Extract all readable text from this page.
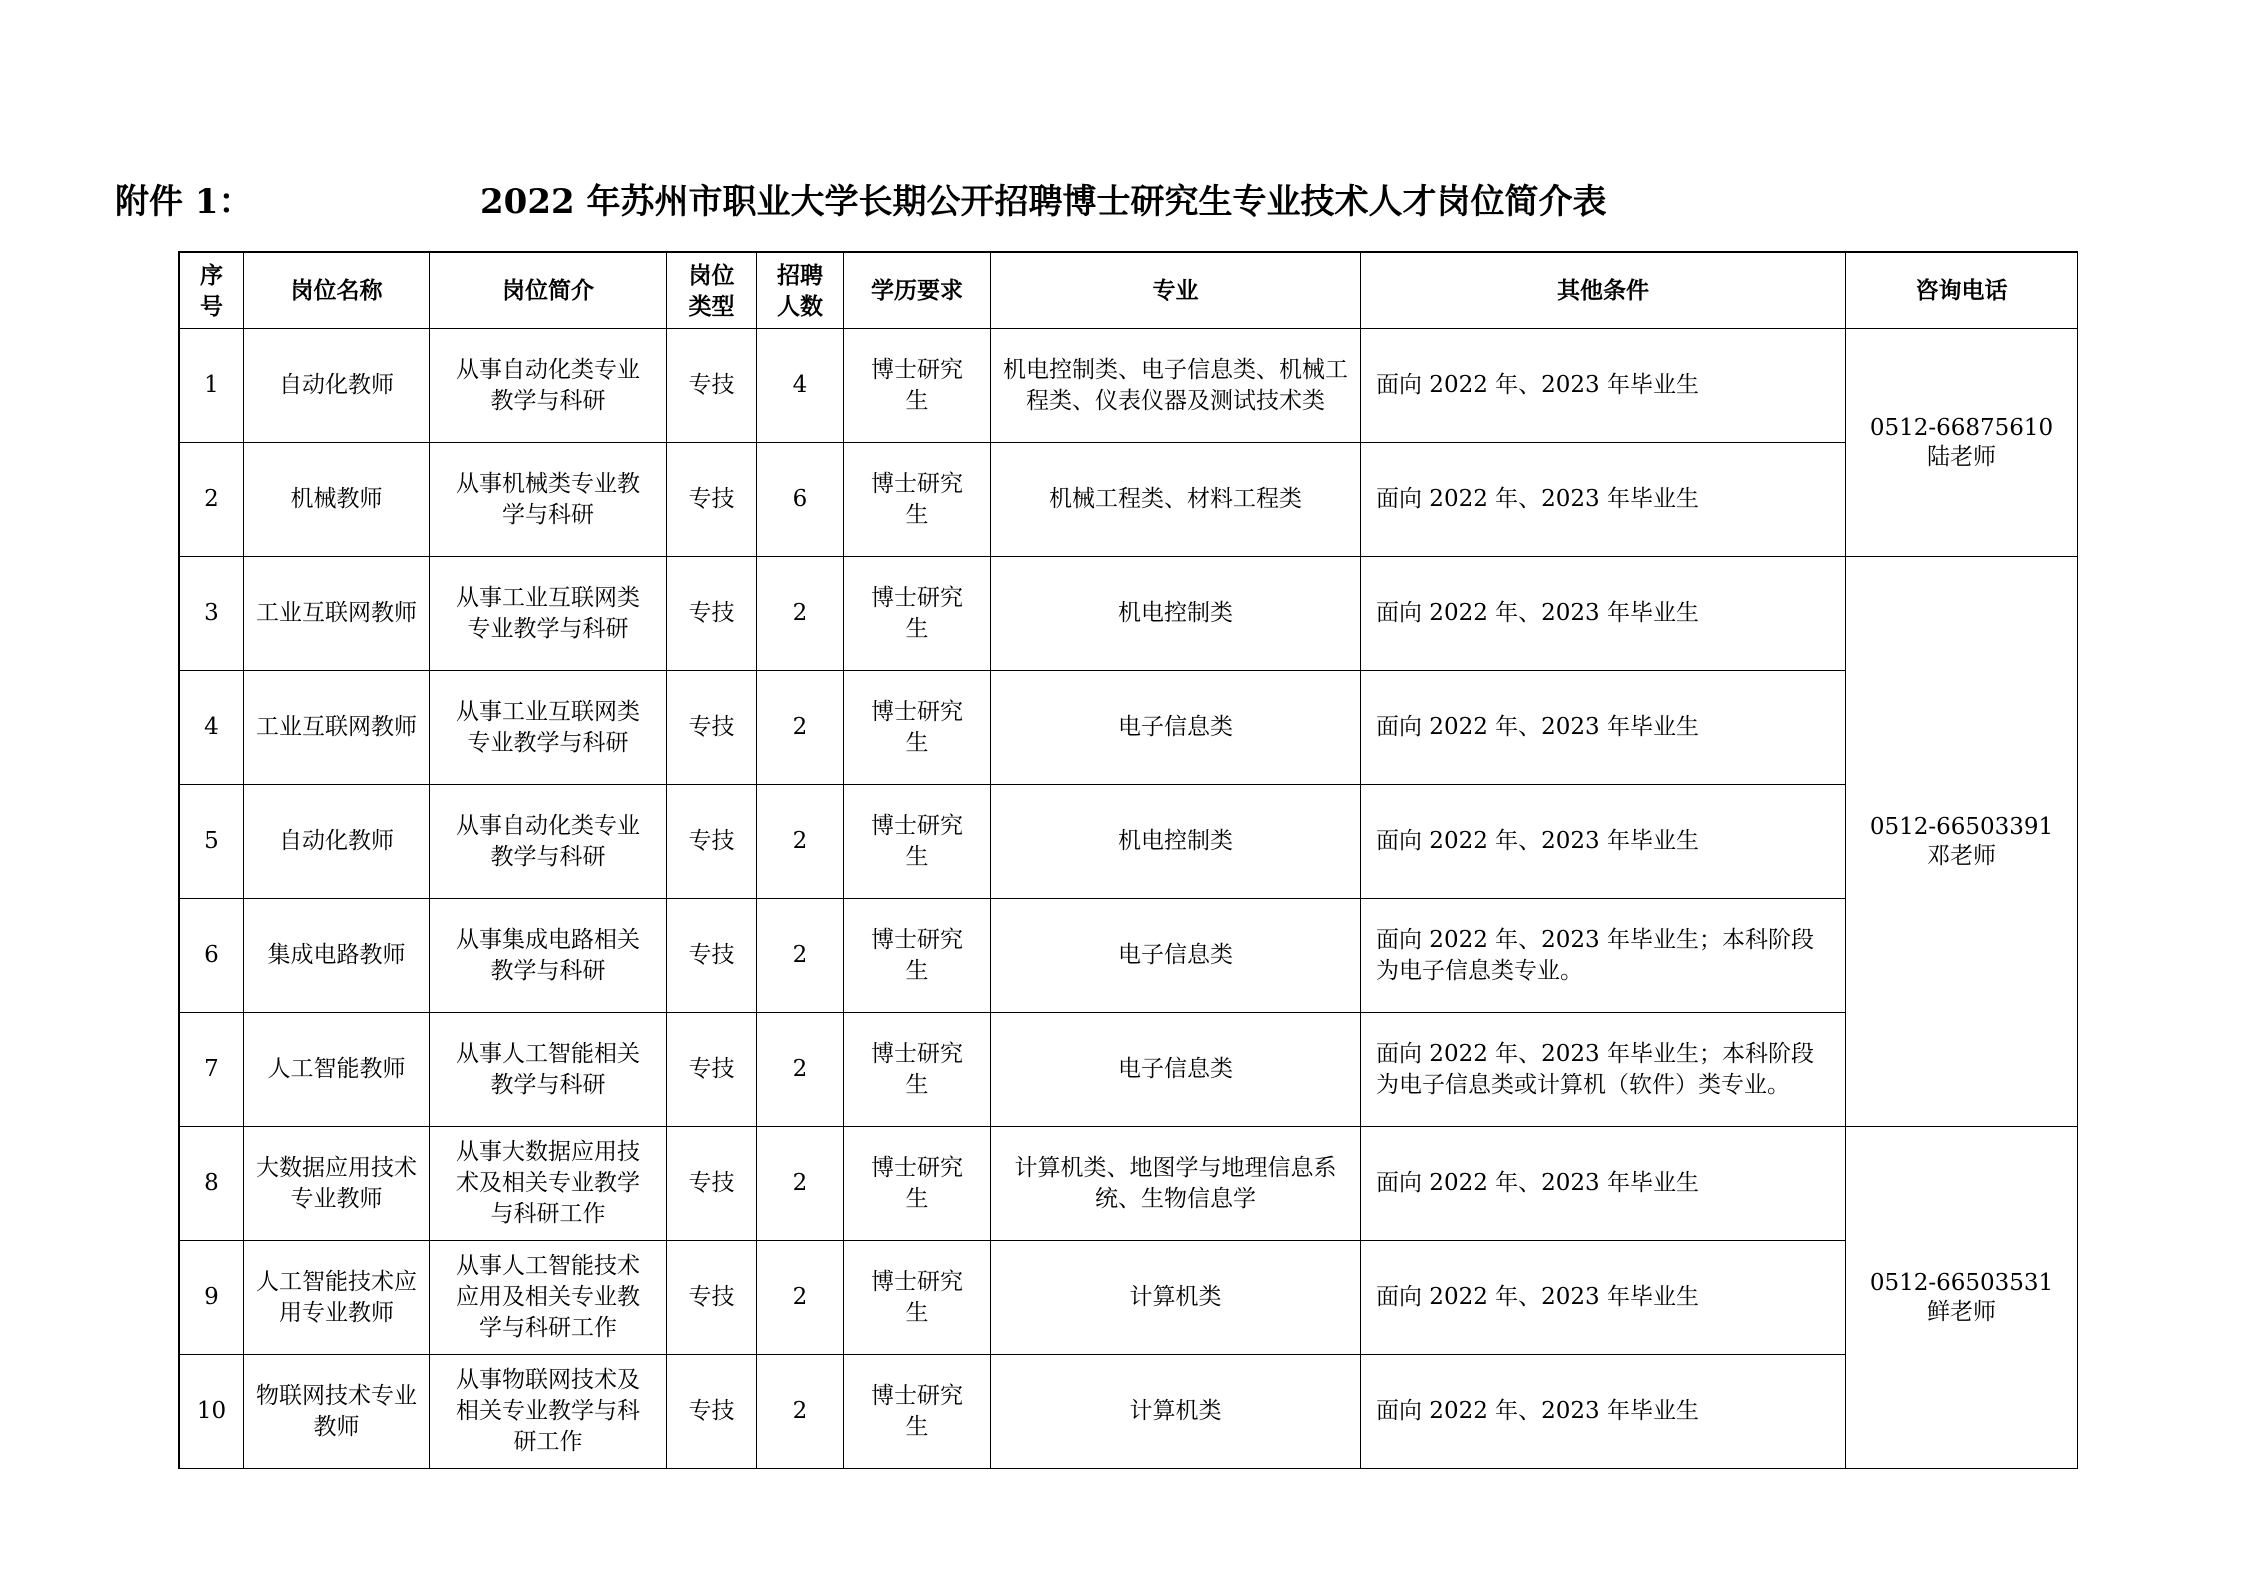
附件 1：	2022 年苏州市职业大学长期公开招聘博士研究生专业技术人才岗位简介表
序号	岗位名称	岗位简介	岗位类型	招聘人数	学历要求	专业	其他条件	咨询电话
1	自动化教师	从事自动化类专业教学与科研	专技	4	博士研究生	机电控制类、电子信息类、机械工程类、仪表仪器及测试技术类	面向 2022 年、2023 年毕业生	0512-66875610
陆老师

2	机械教师	从事机械类专业教学与科研	专技	6	博士研究生	机械工程类、材料工程类	面向 2022 年、2023 年毕业生	
3	工业互联网教师	从事工业互联网类专业教学与科研	专技	2	博士研究生	机电控制类	面向 2022 年、2023 年毕业生	0512-66503391
邓老师

4	工业互联网教师	从事工业互联网类专业教学与科研	专技	2	博士研究生	电子信息类	面向 2022 年、2023 年毕业生	
5	自动化教师	从事自动化类专业教学与科研	专技	2	博士研究生	机电控制类	面向 2022 年、2023 年毕业生	
6	集成电路教师	从事集成电路相关教学与科研	专技	2	博士研究生	电子信息类	面向 2022 年、2023 年毕业生；本科阶段为电子信息类专业。	
7	人工智能教师	从事人工智能相关教学与科研	专技	2	博士研究生	电子信息类	面向 2022 年、2023 年毕业生；本科阶段为电子信息类或计算机（软件）类专业。	
8	大数据应用技术专业教师	从事大数据应用技术及相关专业教学与科研工作	专技	2	博士研究生	计算机类、地图学与地理信息系统、生物信息学	面向 2022 年、2023 年毕业生	0512-66503531
鲜老师

9	人工智能技术应用专业教师	从事人工智能技术应用及相关专业教学与科研工作	专技	2	博士研究生	计算机类	面向 2022 年、2023 年毕业生	
10	物联网技术专业教师	从事物联网技术及相关专业教学与科研工作	专技	2	博士研究生	计算机类	面向 2022 年、2023 年毕业生	
